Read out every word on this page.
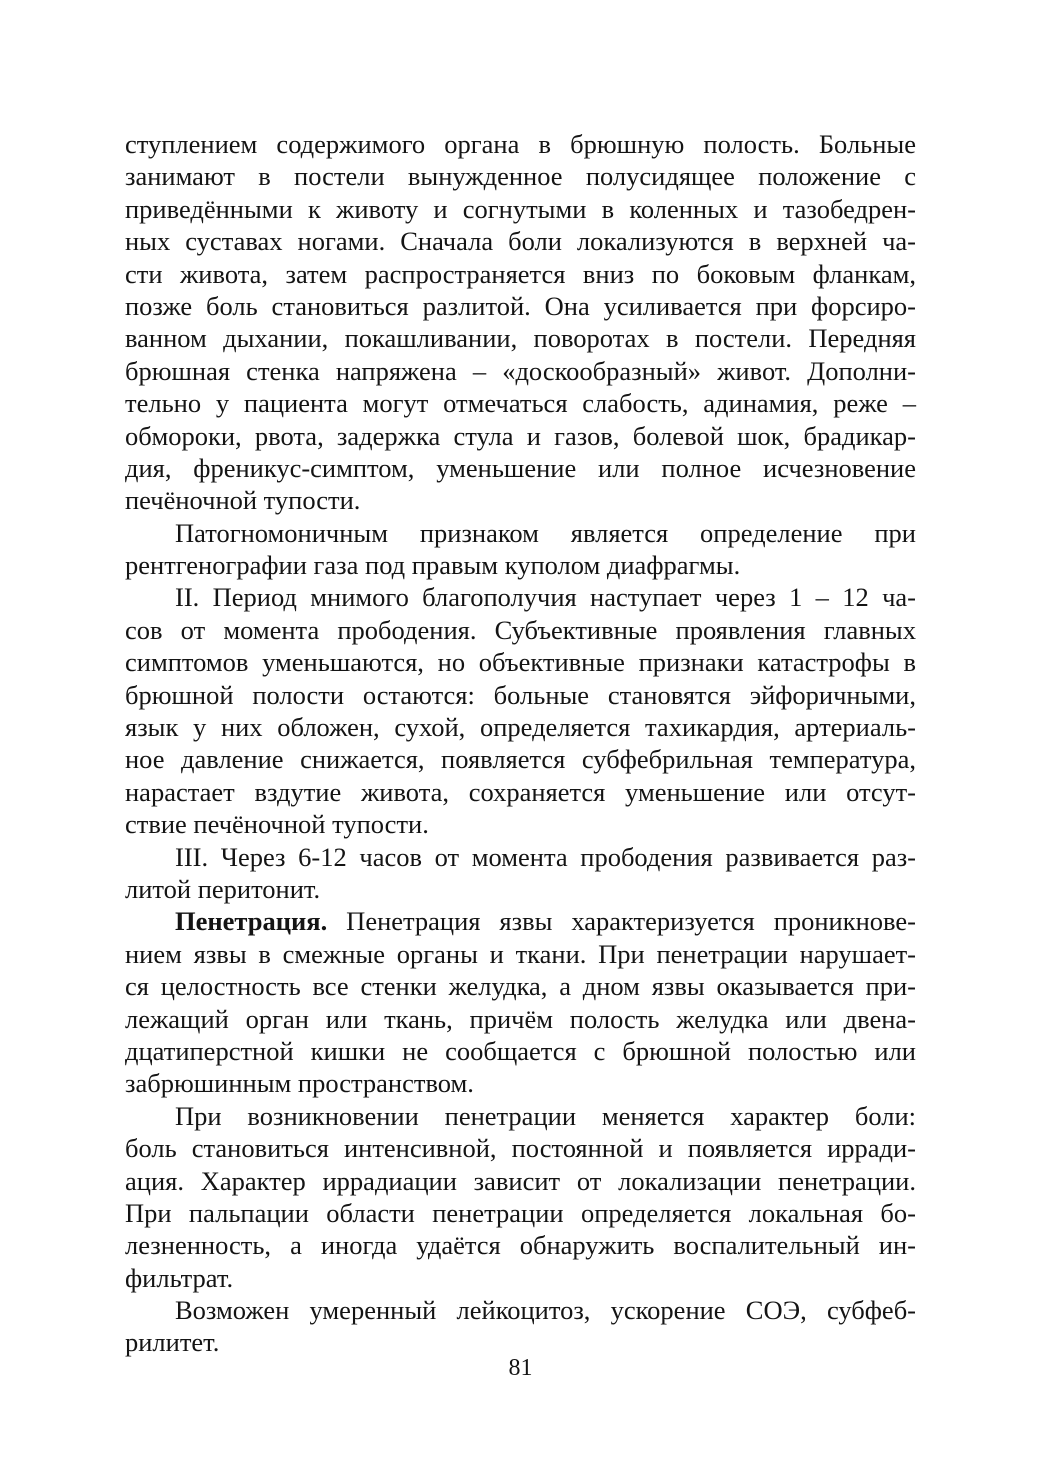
ступлением содержимого органа в брюшную полость. Больные
занимают в постели вынужденное полусидящее положение с
приведёнными к животу и согнутыми в коленных и тазобедрен-
ных суставах ногами. Сначала боли локализуются в верхней ча-
сти живота, затем распространяется вниз по боковым фланкам,
позже боль становиться разлитой. Она усиливается при форсиро-
ванном дыхании, покашливании, поворотах в постели. Передняя
брюшная стенка напряжена – «доскообразный» живот. Дополни-
тельно у пациента могут отмечаться слабость, адинамия, реже –
обмороки, рвота, задержка стула и газов, болевой шок, брадикар-
дия, френикус-симптом, уменьшение или полное исчезновение
печёночной тупости.
Патогномоничным признаком является определение при
рентгенографии газа под правым куполом диафрагмы.
II. Период мнимого благополучия наступает через 1 – 12 ча-
сов от момента прободения. Субъективные проявления главных
симптомов уменьшаются, но объективные признаки катастрофы в
брюшной полости остаются: больные становятся эйфоричными,
язык у них обложен, сухой, определяется тахикардия, артериаль-
ное давление снижается, появляется субфебрильная температура,
нарастает вздутие живота, сохраняется уменьшение или отсут-
ствие печёночной тупости.
III. Через 6-12 часов от момента прободения развивается раз-
литой перитонит.
Пенетрация. Пенетрация язвы характеризуется проникнове-
нием язвы в смежные органы и ткани. При пенетрации нарушает-
ся целостность все стенки желудка, а дном язвы оказывается при-
лежащий орган или ткань, причём полость желудка или двена-
дцатиперстной кишки не сообщается с брюшной полостью или
забрюшинным пространством.
При возникновении пенетрации меняется характер боли:
боль становиться интенсивной, постоянной и появляется ирради-
ация. Характер иррадиации зависит от локализации пенетрации.
При пальпации области пенетрации определяется локальная бо-
лезненность, а иногда удаётся обнаружить воспалительный ин-
фильтрат.
Возможен умеренный лейкоцитоз, ускорение СОЭ, субфеб-
рилитет.
81
